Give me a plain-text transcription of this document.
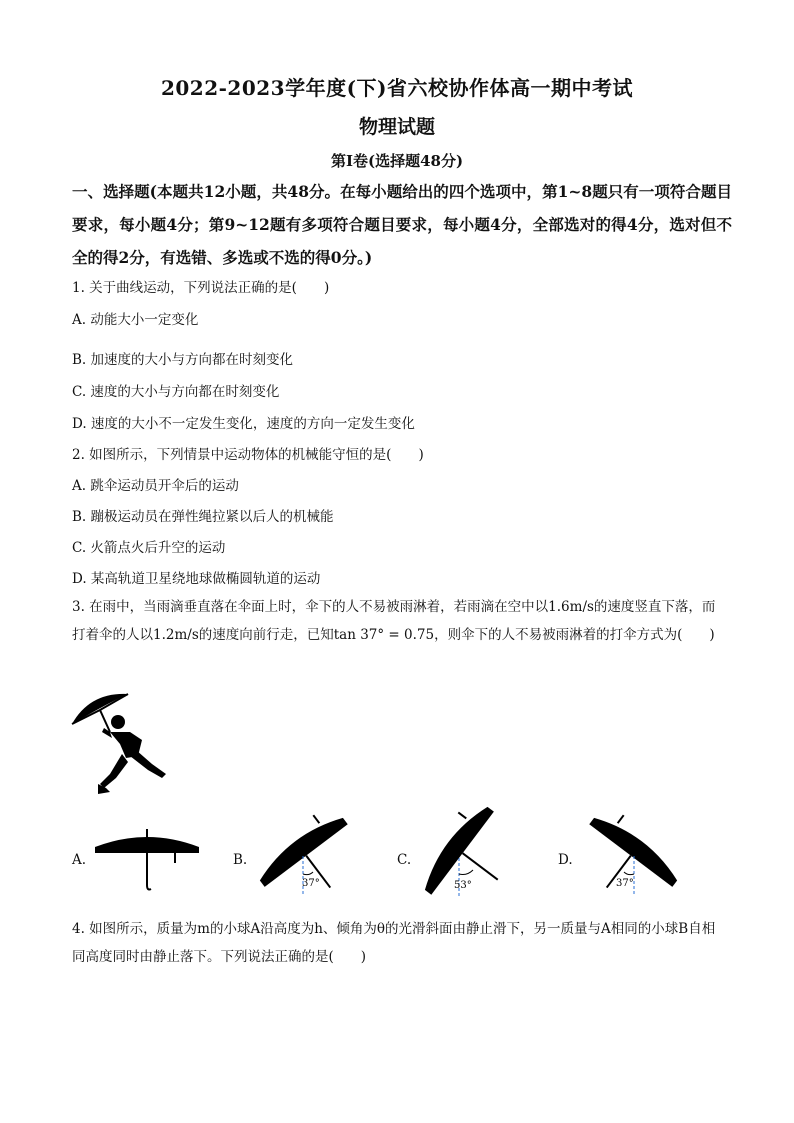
2022-2023学年度(下)省六校协作体高一期中考试
物理试题
第Ⅰ卷(选择题48分)
一、选择题(本题共12小题，共48分。在每小题给出的四个选项中，第1~8题只有一项符合题目要求，每小题4分；第9~12题有多项符合题目要求，每小题4分，全部选对的得4分，选对但不全的得2分，有选错、多选或不选的得0分。)
1. 关于曲线运动，下列说法正确的是(　　)
A. 动能大小一定变化
B. 加速度的大小与方向都在时刻变化
C. 速度的大小与方向都在时刻变化
D. 速度的大小不一定发生变化，速度的方向一定发生变化
2. 如图所示，下列情景中运动物体的机械能守恒的是(　　)
A. 跳伞运动员开伞后的运动
B. 蹦极运动员在弹性绳拉紧以后人的机械能
C. 火箭点火后升空的运动
D. 某高轨道卫星绕地球做椭圆轨道的运动
3. 在雨中，当雨滴垂直落在伞面上时，伞下的人不易被雨淋着，若雨滴在空中以1.6m/s的速度竖直下落，而打着伞的人以1.2m/s的速度向前行走，已知tan 37° = 0.75，则伞下的人不易被雨淋着的打伞方式为(　　)
A.	B.
37°
C.
53°
D.
37°
4. 如图所示，质量为m的小球A沿高度为h、倾角为θ的光滑斜面由静止滑下，另一质量与A相同的小球B自相同高度同时由静止落下。下列说法正确的是(　　)
